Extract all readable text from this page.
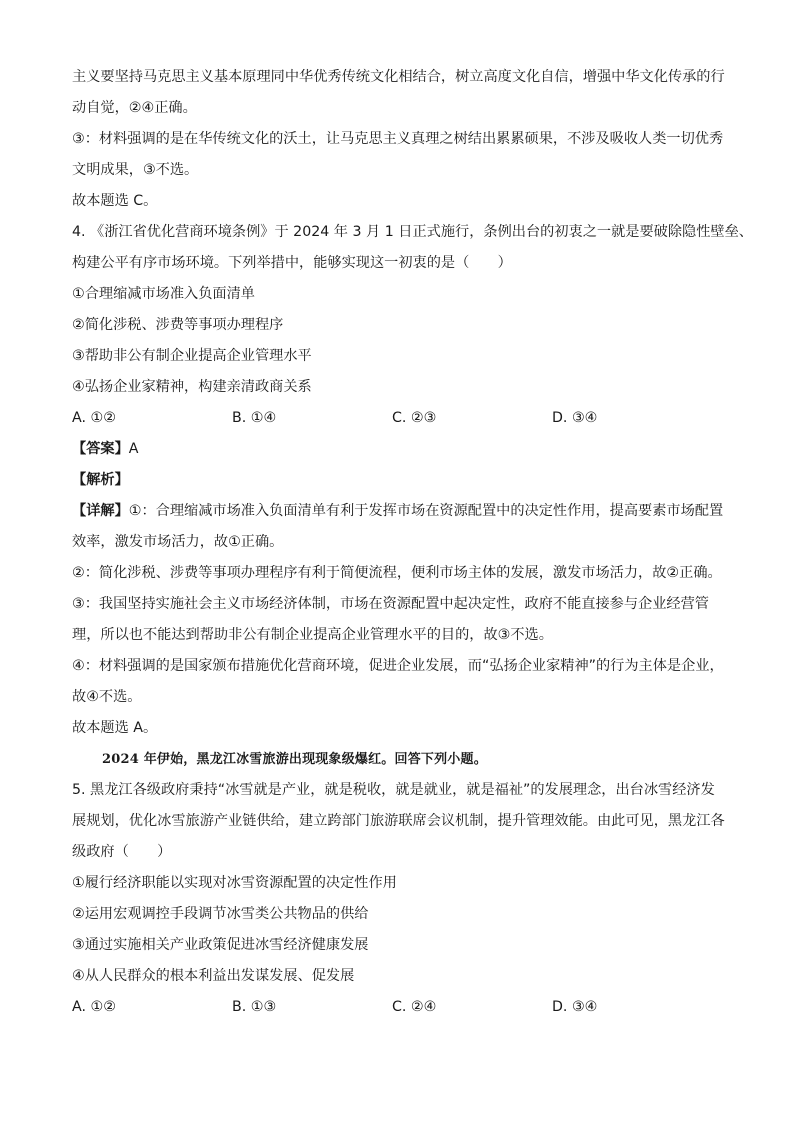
主义要坚持马克思主义基本原理同中华优秀传统文化相结合，树立高度文化自信，增强中华文化传承的行
动自觉，②④正确。
③：材料强调的是在华传统文化的沃土，让马克思主义真理之树结出累累硕果，不涉及吸收人类一切优秀
文明成果，③不选。
故本题选 C。
4. 《浙江省优化营商环境条例》于 2024 年 3 月 1 日正式施行，条例出台的初衷之一就是要破除隐性壁垒、
构建公平有序市场环境。下列举措中，能够实现这一初衷的是（　　）
①合理缩减市场准入负面清单
②简化涉税、涉费等事项办理程序
③帮助非公有制企业提高企业管理水平
④弘扬企业家精神，构建亲清政商关系
A. ①②	B. ①④	C. ②③	D. ③④
【答案】A
【解析】
【详解】①：合理缩减市场准入负面清单有利于发挥市场在资源配置中的决定性作用，提高要素市场配置
效率，激发市场活力，故①正确。
②：简化涉税、涉费等事项办理程序有利于简便流程，便利市场主体的发展，激发市场活力，故②正确。
③：我国坚持实施社会主义市场经济体制，市场在资源配置中起决定性，政府不能直接参与企业经营管
理，所以也不能达到帮助非公有制企业提高企业管理水平的目的，故③不选。
④：材料强调的是国家颁布措施优化营商环境，促进企业发展，而“弘扬企业家精神”的行为主体是企业，
故④不选。
故本题选 A。
2024 年伊始，黑龙江冰雪旅游出现现象级爆红。回答下列小题。
5. 黑龙江各级政府秉持“冰雪就是产业，就是税收，就是就业，就是福祉”的发展理念，出台冰雪经济发
展规划，优化冰雪旅游产业链供给，建立跨部门旅游联席会议机制，提升管理效能。由此可见，黑龙江各
级政府（　　）
①履行经济职能以实现对冰雪资源配置的决定性作用
②运用宏观调控手段调节冰雪类公共物品的供给
③通过实施相关产业政策促进冰雪经济健康发展
④从人民群众的根本利益出发谋发展、促发展
A. ①②	B. ①③	C. ②④	D. ③④
